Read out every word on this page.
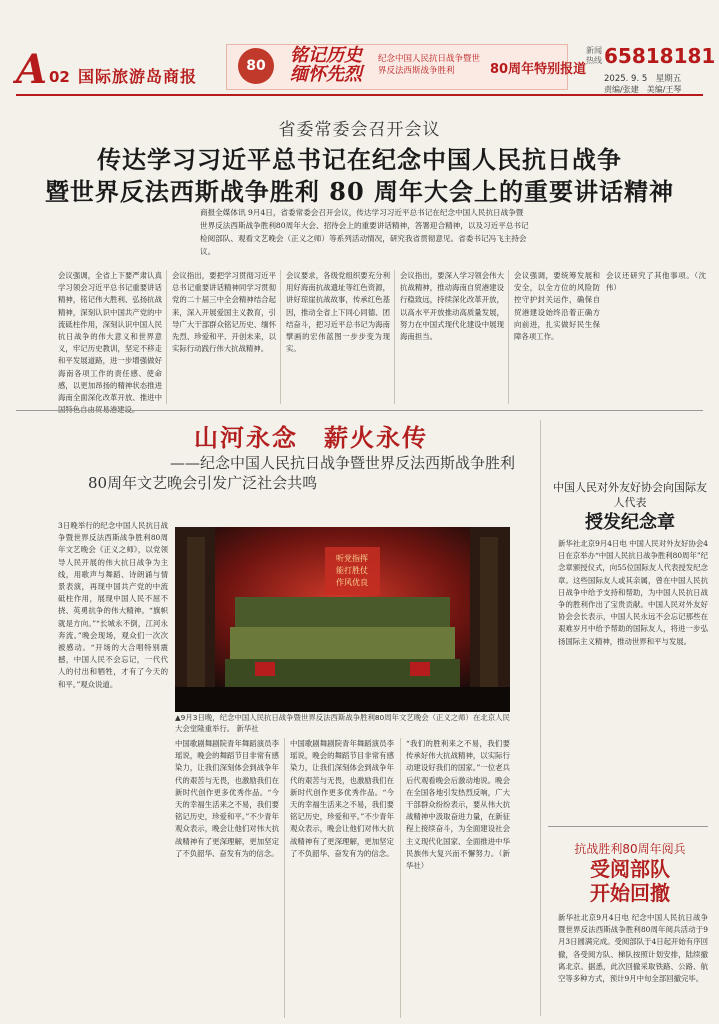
A 02 国际旅游岛商报
80	铭记历史 缅怀先烈
纪念中国人民抗日战争暨世界反法西斯战争胜利	80周年特别报道
新闻热线 65818181
2025. 9. 5　星期五
责编/张建　美编/王琴
省委常委会召开会议
传达学习习近平总书记在纪念中国人民抗日战争
暨世界反法西斯战争胜利 80 周年大会上的重要讲话精神
商报全媒体讯 9月4日，省委常委会召开会议，传达学习习近平总书记在纪念中国人民抗日战争暨世界反法西斯战争胜利80周年大会、招待会上的重要讲话精神，答署迎合精神，以及习近平总书记检阅部队、观看文艺晚会（正义之师）等系列活动情况，研究我省贯彻意见。省委书记冯飞主持会议。
会议强调，全省上下要严肃认真学习领会习近平总书记重要讲话精神，铭记伟大胜利、弘扬抗战精神，深刻认识中国共产党的中流砥柱作用，深刻认识中国人民抗日战争的伟大意义和世界意义，牢记历史教训，坚定不移走和平发展道路，进一步增强做好海南各项工作的责任感、使命感，以更加昂扬的精神状态推进海南全面深化改革开放、推进中
会议指出，要把学习贯彻习近平总书记重要讲话精神同学习贯彻党的二十届三中全会精神结合起来，深入开展爱国主义教育，引导广大干部群众铭记历史、缅怀先烈、珍爱和平、开创未来，以实际行动践行伟大抗战精神。
会议要求，各级党组织要充分利用好海南抗战遗址等红色资源，讲好琼崖抗战故事，传承红色基因，推动全省上下同心同德、团结奋斗，把习近平总书记为海南擘画的宏伟蓝图一步步变为现实。
会议指出，要深入学习领会伟大抗战精神，推动海南自贸港建设行稳致远，持续深化改革开放，以高水平开放推动高质量发展，努力在中国式现代化建设中展现海南担当。
会议强调，要统筹发展和安全，以全方位的风险防控守护封关运作，确保自贸港建设始终沿着正确方向前进，扎实做好民生保障各项工作。
会议还研究了其他事项。（沈伟）
山河永念　薪火永传
——纪念中国人民抗日战争暨世界反法西斯战争胜利
80周年文艺晚会引发广泛社会共鸣
3日晚举行的纪念中国人民抗日战争暨世界反法西斯战争胜利80周年文艺晚会《正义之师》，以党领导人民开展的伟大抗日战争为主线，用歌声与舞蹈、诗朗诵与情景表演，再现中国共产党的中流砥柱作用，展现中国人民不屈不挠、英勇抗争的伟大精神。“旗帜就是方向。”“长城永不倒，江河永奔流。”晚会现场，观众们一次次被感动。“开场的大合唱特别震撼，中国人民不会忘记，一代代人的付出和牺牲，才有了今天的和平。”观众说道。
听党指挥
能打胜仗
作风优良
▲9月3日晚，纪念中国人民抗日战争暨世界反法西斯战争胜利80周年文艺晚会（正义之师）在北京人民大会堂隆重举行。 新华社
中国歌剧舞剧院青年舞蹈演员李瑶说，晚会的舞蹈节目非常有感染力，让我们深刻体会到战争年代的艰苦与无畏，也激励我们在新时代创作更多优秀作品。“今天的幸福生活来之不易，我们要铭记历史，珍爱和平。”不少青年观众表示，晚会让他们对伟大抗战精神有了更深理解，更加坚定了不负韶华、奋发有为的信念。
中国歌剧舞剧院青年舞蹈演员李瑶说，晚会的舞蹈节目非常有感染力，让我们深刻体会到战争年代的艰苦与无畏，也激励我们在新时代创作更多优秀作品。“今天的幸福生活来之不易，我们要铭记历史，珍爱和平。”不少青年观众表示，晚会让他们对伟大抗战精神有了更深理解，更加坚定了不负韶华、奋发有为的信念。
“我们的胜利来之不易，我们要传承好伟大抗战精神，以实际行动建设好我们的国家。”一位老兵后代观看晚会后激动地说。晚会在全国各地引发热烈反响，广大干部群众纷纷表示，要从伟大抗战精神中汲取奋进力量，在新征程上接续奋斗，为全面建设社会主义现代化国家、全面推进中华民族伟大复兴而不懈努力。（新华社）
中国人民对外友好协会向国际友人代表
授发纪念章
新华社北京9月4日电 中国人民对外友好协会4日在京举办“中国人民抗日战争胜利80周年”纪念章颁授仪式，向55位国际友人代表授发纪念章。这些国际友人或其亲属，曾在中国人民抗日战争中给予支持和帮助，为中国人民抗日战争的胜利作出了宝贵贡献。中国人民对外友好协会会长表示，中国人民永远不会忘记那些在艰难岁月中给予帮助的国际友人，将进一步弘扬国际主义精神，推动世界和平与发展。
抗战胜利80周年阅兵
受阅部队
开始回撤
新华社北京9月4日电 纪念中国人民抗日战争暨世界反法西斯战争胜利80周年阅兵活动于9月3日圆满完成。受阅部队于4日起开始有序回撤，各受阅方队、梯队按照计划安排，陆续撤离北京。据悉，此次回撤采取铁路、公路、航空等多种方式，预计9月中旬全部回撤完毕。
